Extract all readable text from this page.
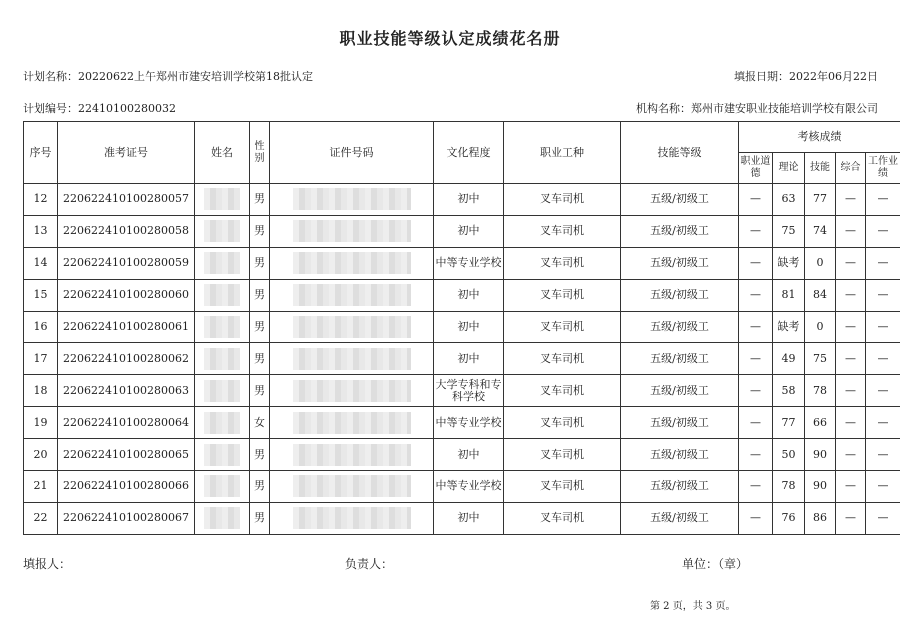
职业技能等级认定成绩花名册
计划名称：20220622上午郑州市建安培训学校第18批认定	填报日期：2022年06月22日
计划编号：22410100280032	机构名称：郑州市建安职业技能培训学校有限公司
序号	准考证号	姓名	性别	证件号码	文化程度	职业工种	技能等级	考核成绩				
								职业道德	理论	技能	综合	工作业绩
12	220622410100280057		男		初中	叉车司机	五级/初级工	—	63	77	—	—
13	220622410100280058		男		初中	叉车司机	五级/初级工	—	75	74	—	—
14	220622410100280059		男		中等专业学校	叉车司机	五级/初级工	—	缺考	0	—	—
15	220622410100280060		男		初中	叉车司机	五级/初级工	—	81	84	—	—
16	220622410100280061		男		初中	叉车司机	五级/初级工	—	缺考	0	—	—
17	220622410100280062		男		初中	叉车司机	五级/初级工	—	49	75	—	—
18	220622410100280063		男		大学专科和专科学校	叉车司机	五级/初级工	—	58	78	—	—
19	220622410100280064		女		中等专业学校	叉车司机	五级/初级工	—	77	66	—	—
20	220622410100280065		男		初中	叉车司机	五级/初级工	—	50	90	—	—
21	220622410100280066		男		中等专业学校	叉车司机	五级/初级工	—	78	90	—	—
22	220622410100280067		男		初中	叉车司机	五级/初级工	—	76	86	—	—
填报人：	负责人：	单位：（章）
第 2 页，共 3 页。
